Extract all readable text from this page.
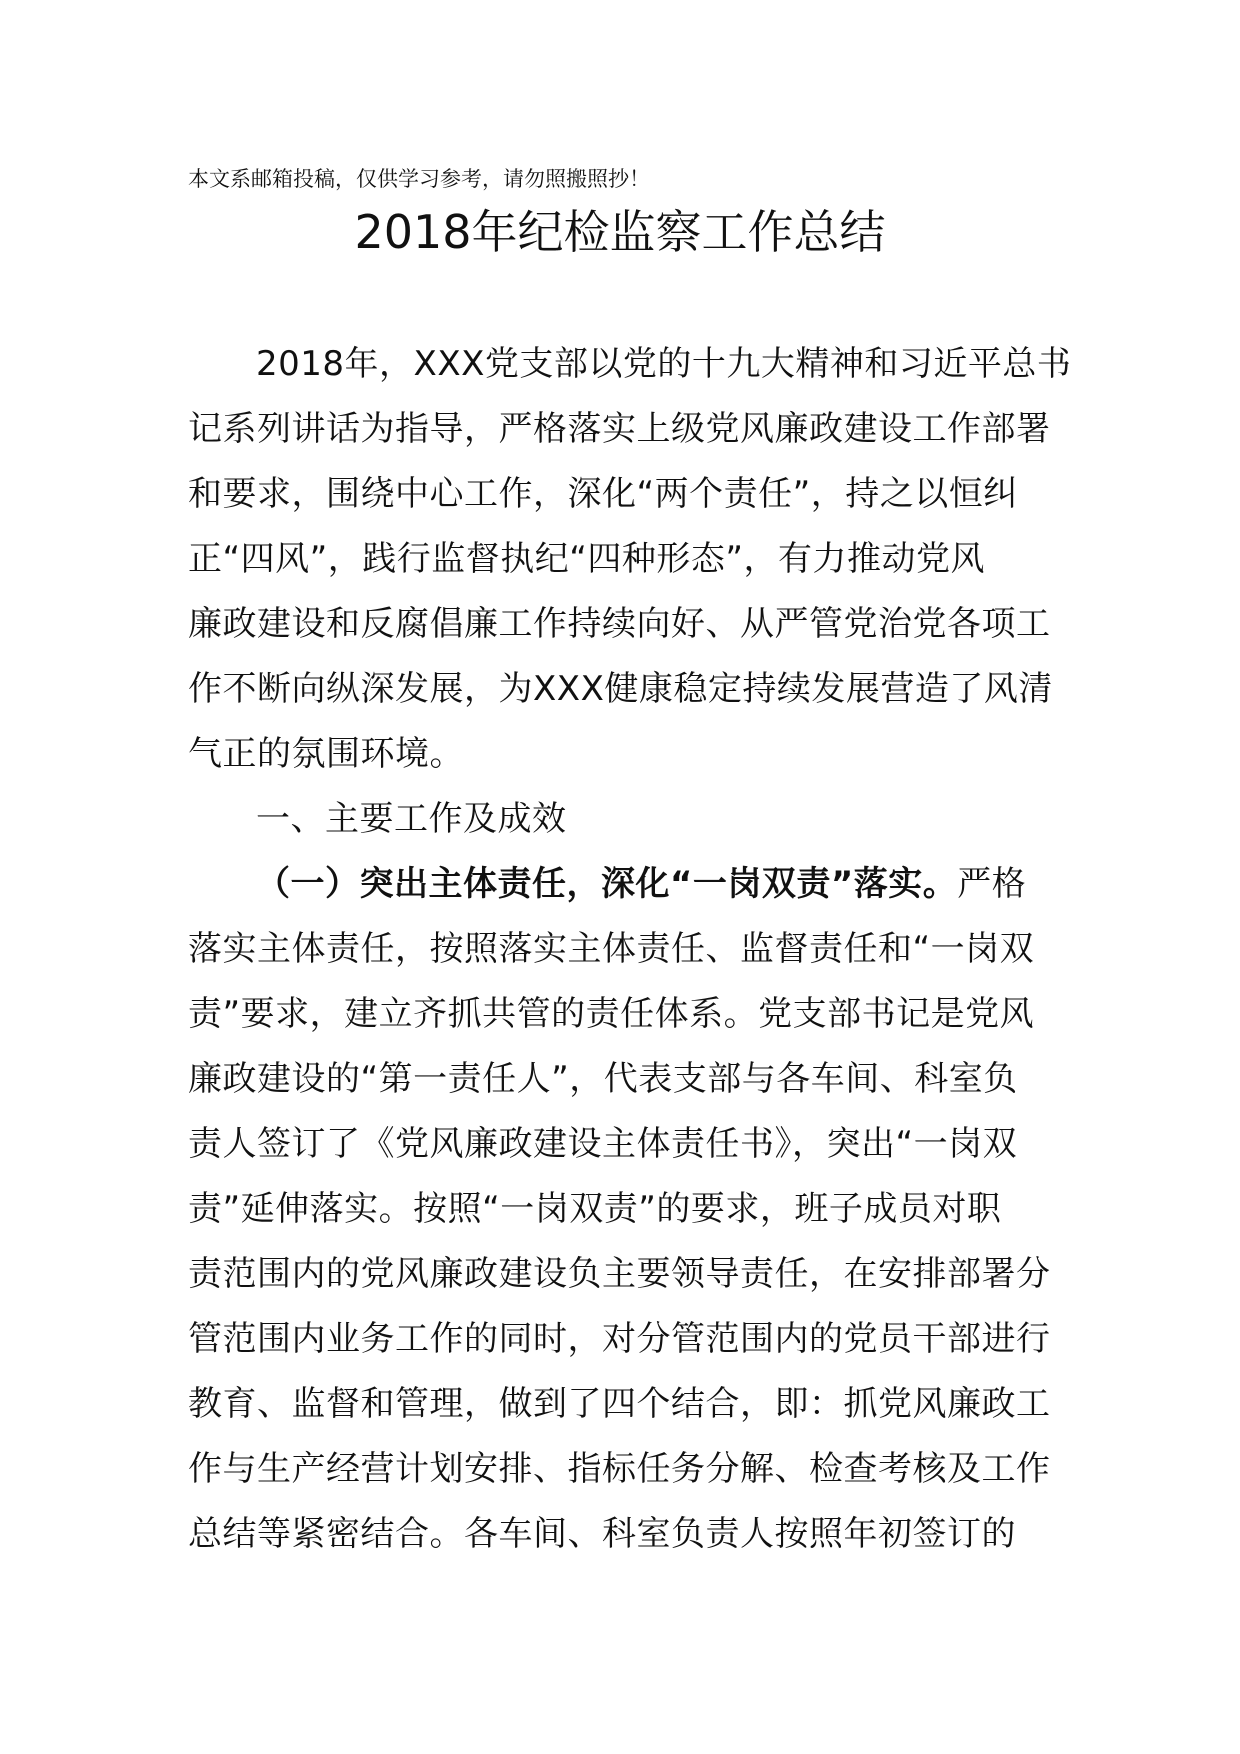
本文系邮箱投稿，仅供学习参考，请勿照搬照抄！
2018年纪检监察工作总结
2018年，XXX党支部以党的十九大精神和习近平总书
记系列讲话为指导，严格落实上级党风廉政建设工作部署
和要求，围绕中心工作，深化“两个责任”，持之以恒纠
正“四风”，践行监督执纪“四种形态”，有力推动党风
廉政建设和反腐倡廉工作持续向好、从严管党治党各项工
作不断向纵深发展，为XXX健康稳定持续发展营造了风清
气正的氛围环境。
一、主要工作及成效
（一）突出主体责任，深化“一岗双责”落实。严格
落实主体责任，按照落实主体责任、监督责任和“一岗双
责”要求，建立齐抓共管的责任体系。党支部书记是党风
廉政建设的“第一责任人”，代表支部与各车间、科室负
责人签订了《党风廉政建设主体责任书》，突出“一岗双
责”延伸落实。按照“一岗双责”的要求，班子成员对职
责范围内的党风廉政建设负主要领导责任，在安排部署分
管范围内业务工作的同时，对分管范围内的党员干部进行
教育、监督和管理，做到了四个结合，即：抓党风廉政工
作与生产经营计划安排、指标任务分解、检查考核及工作
总结等紧密结合。各车间、科室负责人按照年初签订的
